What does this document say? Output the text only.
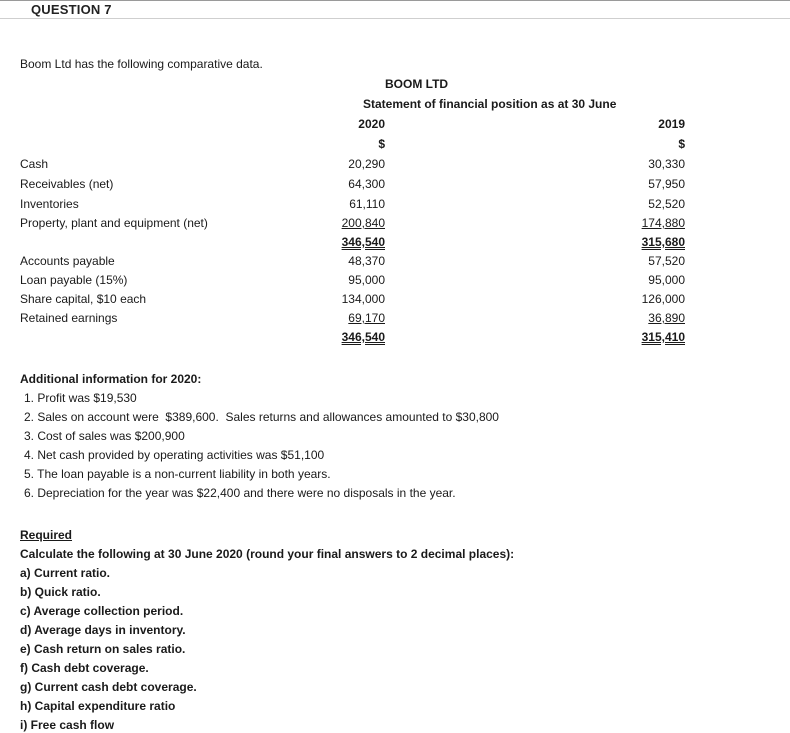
QUESTION 7
Boom Ltd has the following comparative data.
BOOM LTD
Statement of financial position as at 30 June
2020	2019
$	$
Cash	20,290	30,330
Receivables (net)	64,300	57,950
Inventories	61,110	52,520
Property, plant and equipment (net)	200,840	174,880
346,540	315,680
Accounts payable	48,370	57,520
Loan payable (15%)	95,000	95,000
Share capital, $10 each	134,000	126,000
Retained earnings	69,170	36,890
346,540	315,410
Additional information for 2020:
1. Profit was $19,530
2. Sales on account were  $389,600.  Sales returns and allowances amounted to $30,800
3. Cost of sales was $200,900
4. Net cash provided by operating activities was $51,100
5. The loan payable is a non-current liability in both years.
6. Depreciation for the year was $22,400 and there were no disposals in the year.
Required
Calculate the following at 30 June 2020 (round your final answers to 2 decimal places):
a) Current ratio.
b) Quick ratio.
c) Average collection period.
d) Average days in inventory.
e) Cash return on sales ratio.
f) Cash debt coverage.
g) Current cash debt coverage.
h) Capital expenditure ratio
i) Free cash flow
